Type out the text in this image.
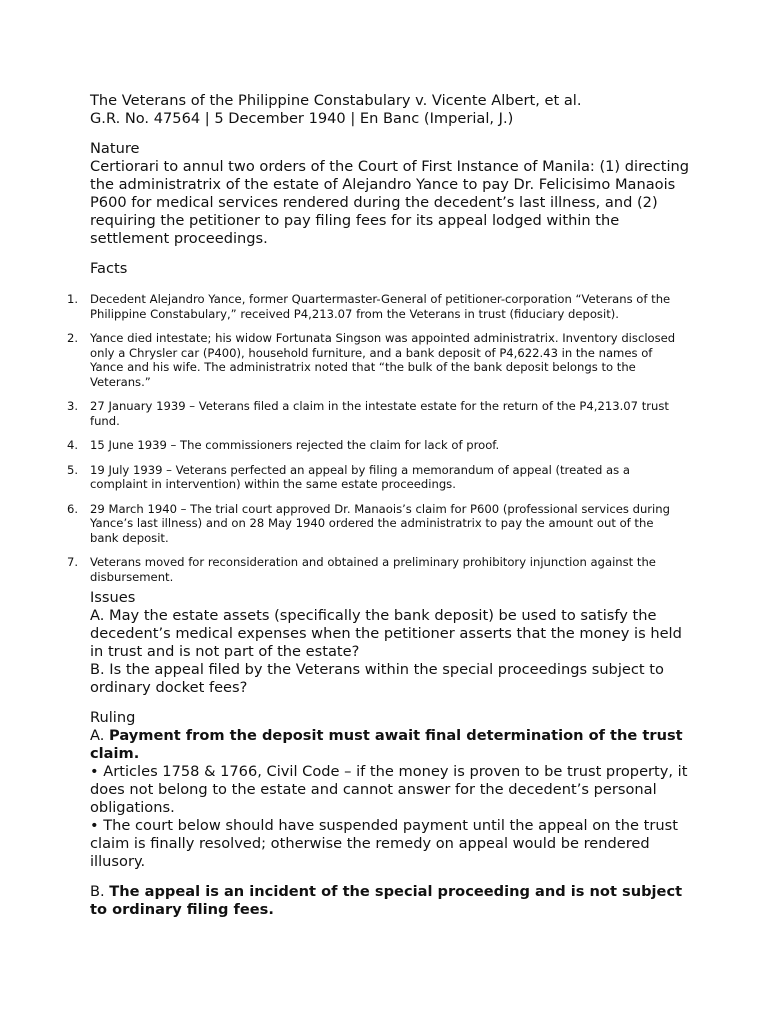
The Veterans of the Philippine Constabulary v. Vicente Albert, et al.

G.R. No. 47564 | 5 December 1940 | En Banc (Imperial, J.)

Nature

Certiorari to annul two orders of the Court of First Instance of Manila: (1) directing the administratrix of the estate of Alejandro Yance to pay Dr. Felicisimo Manaois P600 for medical services rendered during the decedent’s last illness, and (2) requiring the petitioner to pay filing fees for its appeal lodged within the settlement proceedings.

Facts

1. Decedent Alejandro Yance, former Quartermaster-General of petitioner-corporation “Veterans of the Philippine Constabulary,” received P4,213.07 from the Veterans in trust (fiduciary deposit).
2. Yance died intestate; his widow Fortunata Singson was appointed administratrix. Inventory disclosed only a Chrysler car (P400), household furniture, and a bank deposit of P4,622.43 in the names of Yance and his wife. The administratrix noted that “the bulk of the bank deposit belongs to the Veterans.”
3. 27 January 1939 – Veterans filed a claim in the intestate estate for the return of the P4,213.07 trust fund.
4. 15 June 1939 – The commissioners rejected the claim for lack of proof.
5. 19 July 1939 – Veterans perfected an appeal by filing a memorandum of appeal (treated as a complaint in intervention) within the same estate proceedings.
6. 29 March 1940 – The trial court approved Dr. Manaois’s claim for P600 (professional services during Yance’s last illness) and on 28 May 1940 ordered the administratrix to pay the amount out of the bank deposit.
7. Veterans moved for reconsideration and obtained a preliminary prohibitory injunction against the disbursement.

Issues

A. May the estate assets (specifically the bank deposit) be used to satisfy the decedent’s medical expenses when the petitioner asserts that the money is held in trust and is not part of the estate?

B. Is the appeal filed by the Veterans within the special proceedings subject to ordinary docket fees?

Ruling

A. Payment from the deposit must await final determination of the trust claim.

• Articles 1758 & 1766, Civil Code – if the money is proven to be trust property, it does not belong to the estate and cannot answer for the decedent’s personal obligations.

• The court below should have suspended payment until the appeal on the trust claim is finally resolved; otherwise the remedy on appeal would be rendered illusory.

B. The appeal is an incident of the special proceeding and is not subject to ordinary filing fees.
